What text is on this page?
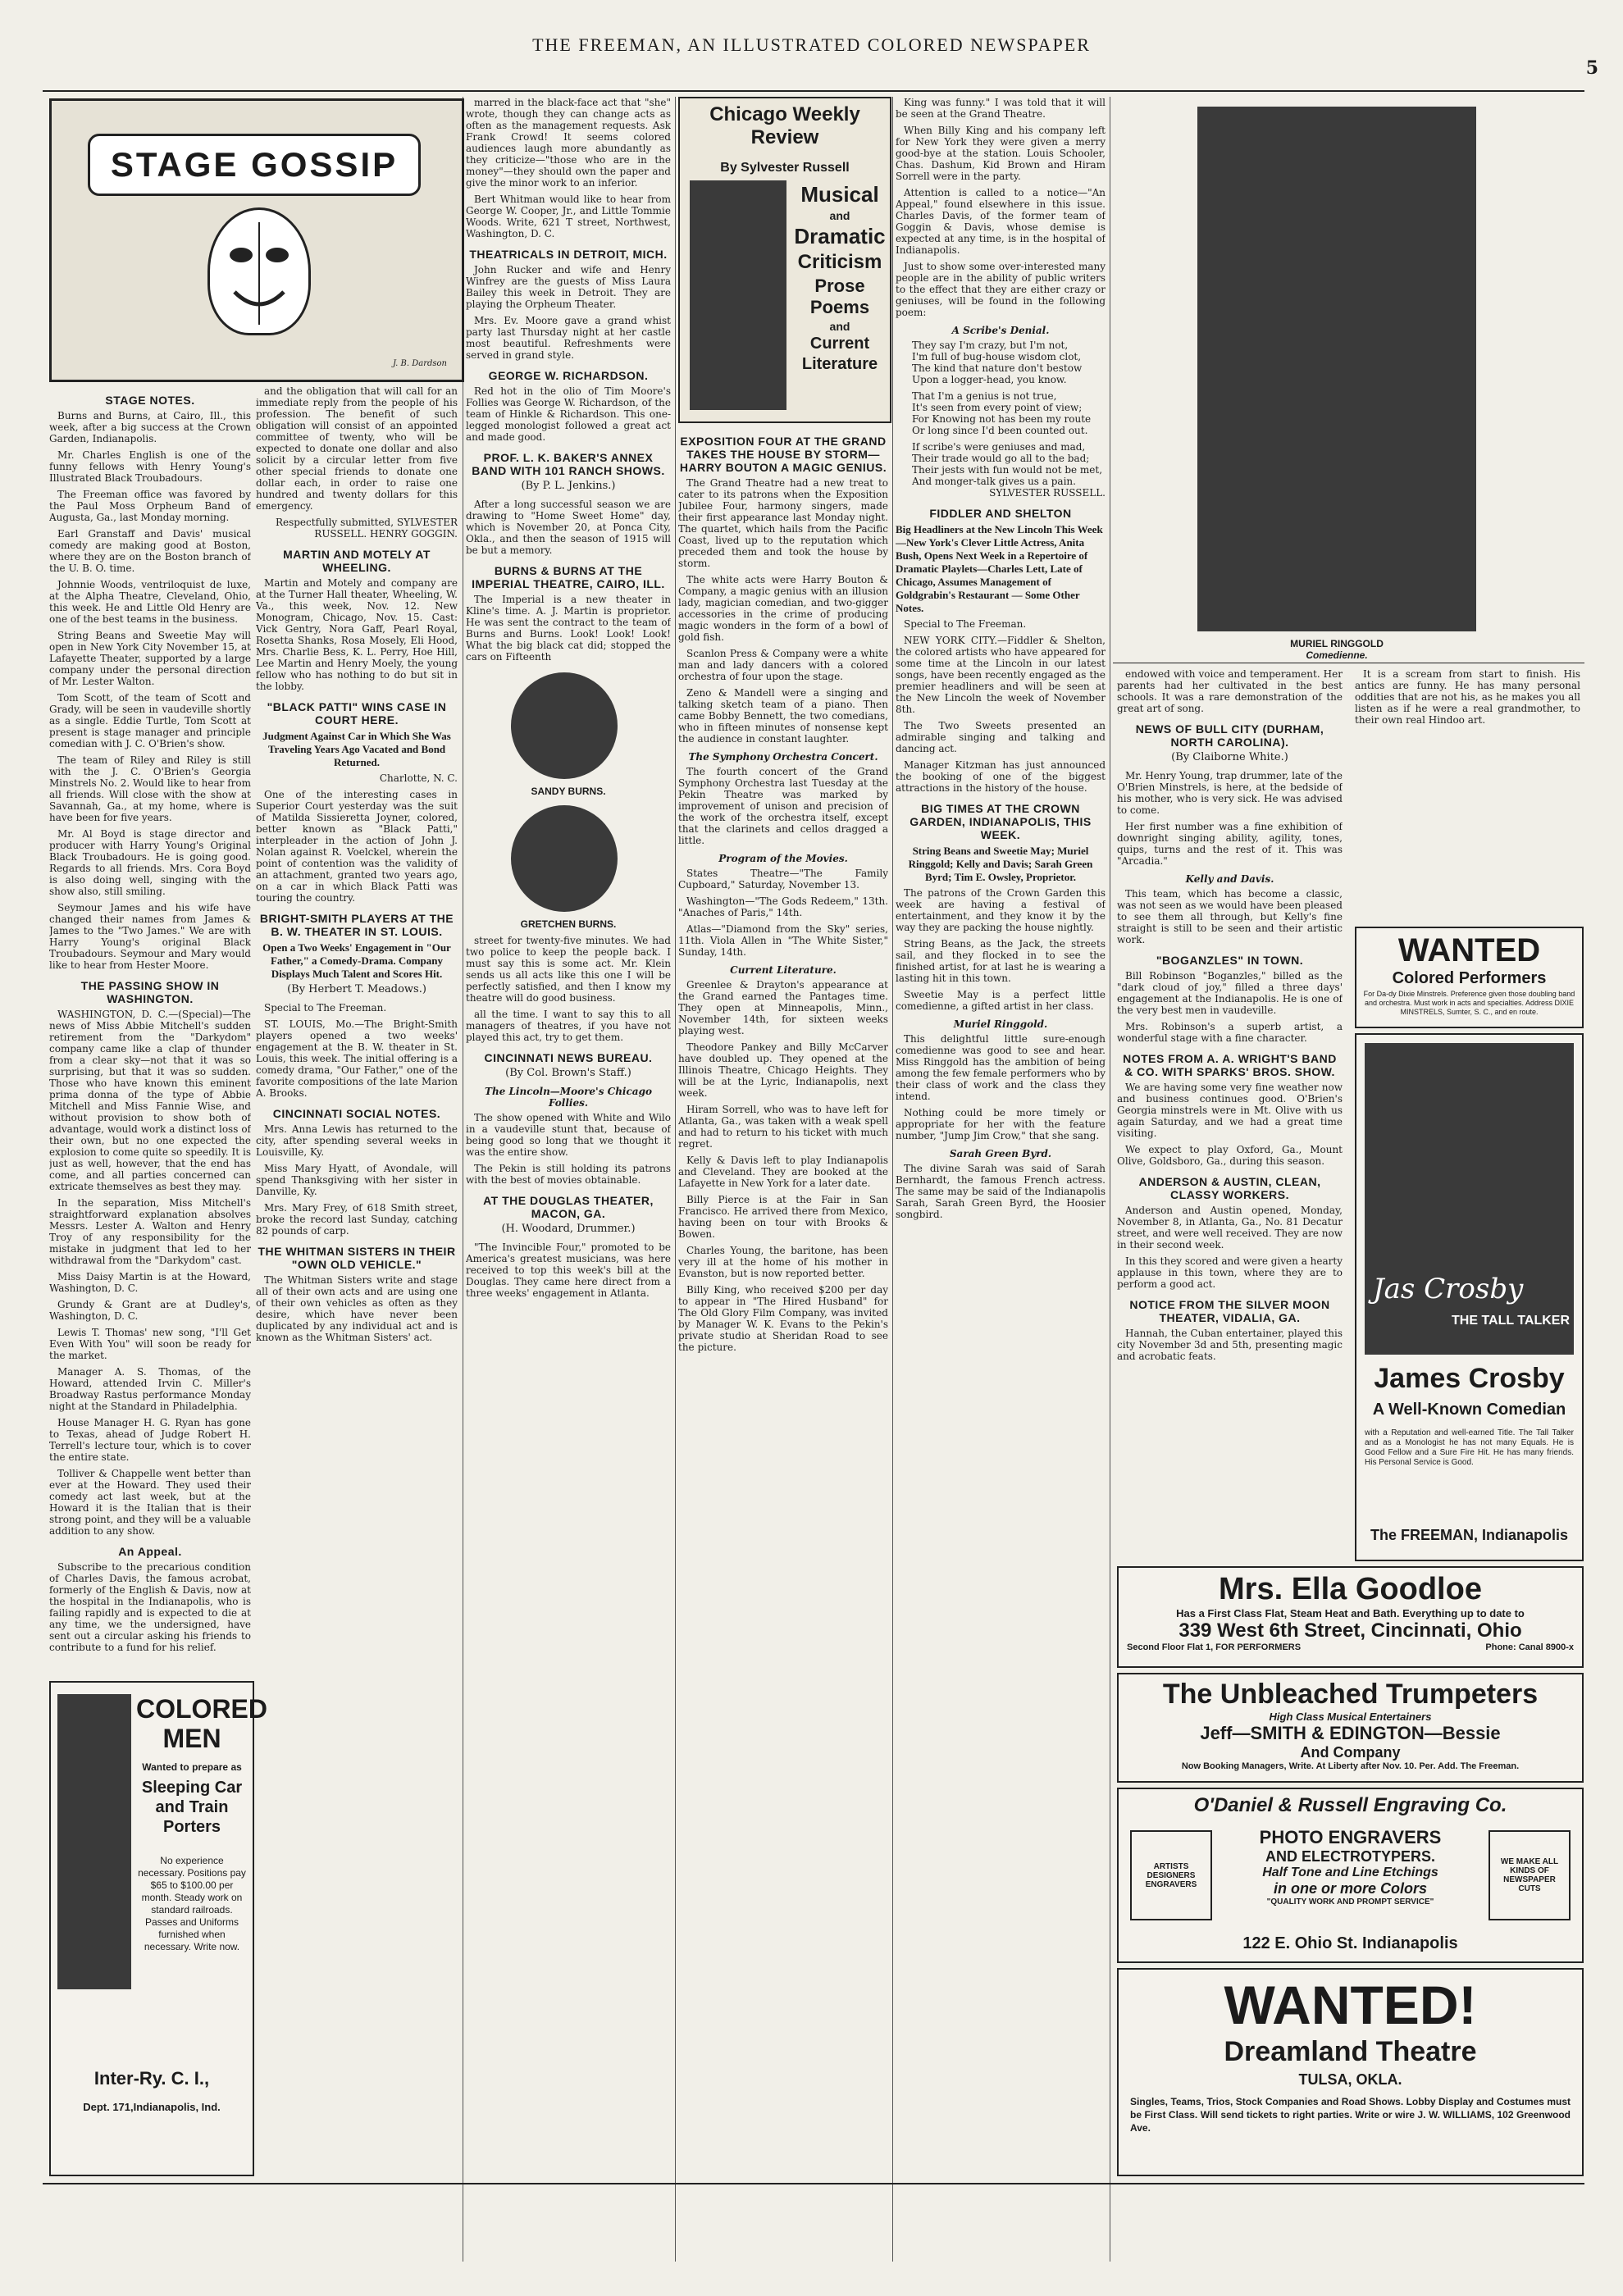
THE FREEMAN, AN ILLUSTRATED COLORED NEWSPAPER
5
STAGE GOSSIP
J. B. Dardson
STAGE NOTES.

Burns and Burns, at Cairo, Ill., this week, after a big success at the Crown Garden, Indianapolis.

Mr. Charles English is one of the funny fellows with Henry Young's Illustrated Black Troubadours.

The Freeman office was favored by the Paul Moss Orpheum Band of Augusta, Ga., last Monday morning.

Earl Granstaff and Davis' musical comedy are making good at Boston, where they are on the Boston branch of the U. B. O. time.

Johnnie Woods, ventriloquist de luxe, at the Alpha Theatre, Cleveland, Ohio, this week. He and Little Old Henry are one of the best teams in the business.

String Beans and Sweetie May will open in New York City November 15, at Lafayette Theater, supported by a large company under the personal direction of Mr. Lester Walton.

Tom Scott, of the team of Scott and Grady, will be seen in vaudeville shortly as a single. Eddie Turtle, Tom Scott at present is stage manager and principle comedian with J. C. O'Brien's show.

The team of Riley and Riley is still with the J. C. O'Brien's Georgia Minstrels No. 2. Would like to hear from all friends. Will close with the show at Savannah, Ga., at my home, where is have been for five years.

Mr. Al Boyd is stage director and producer with Harry Young's Original Black Troubadours. He is going good. Regards to all friends. Mrs. Cora Boyd is also doing well, singing with the show also, still smiling.

Seymour James and his wife have changed their names from James & James to the "Two James." We are with Harry Young's original Black Troubadours. Seymour and Mary would like to hear from Hester Moore.

THE PASSING SHOW IN WASHINGTON.

WASHINGTON, D. C.—(Special)—The news of Miss Abbie Mitchell's sudden retirement from the "Darkydom" company came like a clap of thunder from a clear sky—not that it was so surprising, but that it was so sudden. Those who have known this eminent prima donna of the type of Abbie Mitchell and Miss Fannie Wise, and without provision to show both of advantage, would work a distinct loss of their own, but no one expected the explosion to come quite so speedily. It is just as well, however, that the end has come, and all parties concerned can extricate themselves as best they may.

In the separation, Miss Mitchell's straightforward explanation absolves Messrs. Lester A. Walton and Henry Troy of any responsibility for the mistake in judgment that led to her withdrawal from the "Darkydom" cast.

Miss Daisy Martin is at the Howard, Washington, D. C.

Grundy & Grant are at Dudley's, Washington, D. C.

Lewis T. Thomas' new song, "I'll Get Even With You" will soon be ready for the market.

Manager A. S. Thomas, of the Howard, attended Irvin C. Miller's Broadway Rastus performance Monday night at the Standard in Philadelphia.

House Manager H. G. Ryan has gone to Texas, ahead of Judge Robert H. Terrell's lecture tour, which is to cover the entire state.

Tolliver & Chappelle went better than ever at the Howard. They used their comedy act last week, but at the Howard it is the Italian that is their strong point, and they will be a valuable addition to any show.

An Appeal.

Subscribe to the precarious condition of Charles Davis, the famous acrobat, formerly of the English & Davis, now at the hospital in the Indianapolis, who is failing rapidly and is expected to die at any time, we the undersigned, have sent out a circular asking his friends to contribute to a fund for his relief.

COLORED MEN
Wanted to prepare as
Sleeping Car and Train Porters
No experience necessary. Positions pay $65 to $100.00 per month. Steady work on standard railroads. Passes and Uniforms furnished when necessary. Write now.
Inter-Ry. C. I.,
Dept. 171,Indianapolis, Ind.

and the obligation that will call for an immediate reply from the people of his profession. The benefit of such obligation will consist of an appointed committee of twenty, who will be expected to donate one dollar and also solicit by a circular letter from five other special friends to donate one dollar each, in order to raise one hundred and twenty dollars for this emergency.

Respectfully submitted, SYLVESTER RUSSELL. HENRY GOGGIN.

MARTIN AND MOTELY AT WHEELING.

Martin and Motely and company are at the Turner Hall theater, Wheeling, W. Va., this week, Nov. 12. New Monogram, Chicago, Nov. 15. Cast: Vick Gentry, Nora Gaff, Pearl Royal, Rosetta Shanks, Rosa Mosely, Eli Hood, Mrs. Charlie Bess, K. L. Perry, Hoe Hill, Lee Martin and Henry Moely, the young fellow who has nothing to do but sit in the lobby.

"BLACK PATTI" WINS CASE IN COURT HERE.
Judgment Against Car in Which She Was Traveling Years Ago Vacated and Bond Returned.

Charlotte, N. C.

One of the interesting cases in Superior Court yesterday was the suit of Matilda Sissieretta Joyner, colored, better known as "Black Patti," interpleader in the action of John J. Nolan against R. Voelckel, wherein the point of contention was the validity of an attachment, granted two years ago, on a car in which Black Patti was touring the country.

BRIGHT-SMITH PLAYERS AT THE B. W. THEATER IN ST. LOUIS.
Open a Two Weeks' Engagement in "Our Father," a Comedy-Drama. Company Displays Much Talent and Scores Hit.
(By Herbert T. Meadows.)

Special to The Freeman.

ST. LOUIS, Mo.—The Bright-Smith players opened a two weeks' engagement at the B. W. theater in St. Louis, this week. The initial offering is a comedy drama, "Our Father," one of the favorite compositions of the late Marion A. Brooks.

CINCINNATI SOCIAL NOTES.

Mrs. Anna Lewis has returned to the city, after spending several weeks in Louisville, Ky.

Miss Mary Hyatt, of Avondale, will spend Thanksgiving with her sister in Danville, Ky.

Mrs. Mary Frey, of 618 Smith street, broke the record last Sunday, catching 82 pounds of carp.

THE WHITMAN SISTERS IN THEIR "OWN OLD VEHICLE."

The Whitman Sisters write and stage all of their own acts and are using one of their own vehicles as often as they desire, which have never been duplicated by any individual act and is known as the Whitman Sisters' act.

marred in the black-face act that "she" wrote, though they can change acts as often as the management requests. Ask Frank Crowd! It seems colored audiences laugh more abundantly as they criticize—"those who are in the money"—they should own the paper and give the minor work to an inferior.

Bert Whitman would like to hear from George W. Cooper, Jr., and Little Tommie Woods. Write, 621 T street, Northwest, Washington, D. C.

THEATRICALS IN DETROIT, MICH.

John Rucker and wife and Henry Winfrey are the guests of Miss Laura Bailey this week in Detroit. They are playing the Orpheum Theater.

Mrs. Ev. Moore gave a grand whist party last Thursday night at her castle most beautiful. Refreshments were served in grand style.

GEORGE W. RICHARDSON.

Red hot in the olio of Tim Moore's Follies was George W. Richardson, of the team of Hinkle & Richardson. This one-legged monologist followed a great act and made good.

PROF. L. K. BAKER'S ANNEX BAND WITH 101 RANCH SHOWS.
(By P. L. Jenkins.)

After a long successful season we are drawing to "Home Sweet Home" day, which is November 20, at Ponca City, Okla., and then the season of 1915 will be but a memory.

BURNS & BURNS AT THE IMPERIAL THEATRE, CAIRO, ILL.

The Imperial is a new theater in Kline's time. A. J. Martin is proprietor. He was sent the contract to the team of Burns and Burns. Look! Look! Look! What the big black cat did; stopped the cars on Fifteenth

SANDY BURNS.
GRETCHEN BURNS.

street for twenty-five minutes. We had two police to keep the people back. I must say this is some act. Mr. Klein sends us all acts like this one I will be perfectly satisfied, and then I know my theatre will do good business.

all the time. I want to say this to all managers of theatres, if you have not played this act, try to get them.

CINCINNATI NEWS BUREAU.
(By Col. Brown's Staff.)
The Lincoln—Moore's Chicago Follies.

The show opened with White and Wilo in a vaudeville stunt that, because of being good so long that we thought it was the entire show.

The Pekin is still holding its patrons with the best of movies obtainable.

AT THE DOUGLAS THEATER, MACON, GA.
(H. Woodard, Drummer.)

"The Invincible Four," promoted to be America's greatest musicians, was here received to top this week's bill at the Douglas. They came here direct from a three weeks' engagement in Atlanta.

Chicago Weekly Review
By Sylvester Russell
Musical
and
Dramatic
Criticism
Prose Poems
and
Current
Literature
EXPOSITION FOUR AT THE GRAND TAKES THE HOUSE BY STORM—HARRY BOUTON A MAGIC GENIUS.

The Grand Theatre had a new treat to cater to its patrons when the Exposition Jubilee Four, harmony singers, made their first appearance last Monday night. The quartet, which hails from the Pacific Coast, lived up to the reputation which preceded them and took the house by storm.

The white acts were Harry Bouton & Company, a magic genius with an illusion lady, magician comedian, and two-gigger accessories in the crime of producing magic wonders in the form of a bowl of gold fish.

Scanlon Press & Company were a white man and lady dancers with a colored orchestra of four upon the stage.

Zeno & Mandell were a singing and talking sketch team of a piano. Then came Bobby Bennett, the two comedians, who in fifteen minutes of nonsense kept the audience in constant laughter.

The Symphony Orchestra Concert.

The fourth concert of the Grand Symphony Orchestra last Tuesday at the Pekin Theatre was marked by improvement of unison and precision of the work of the orchestra itself, except that the clarinets and cellos dragged a little.

Program of the Movies.

States Theatre—"The Family Cupboard," Saturday, November 13.

Washington—"The Gods Redeem," 13th. "Anaches of Paris," 14th.

Atlas—"Diamond from the Sky" series, 11th. Viola Allen in "The White Sister," Sunday, 14th.

Current Literature.

Greenlee & Drayton's appearance at the Grand earned the Pantages time. They open at Minneapolis, Minn., November 14th, for sixteen weeks playing west.

Theodore Pankey and Billy McCarver have doubled up. They opened at the Illinois Theatre, Chicago Heights. They will be at the Lyric, Indianapolis, next week.

Hiram Sorrell, who was to have left for Atlanta, Ga., was taken with a weak spell and had to return to his ticket with much regret.

Kelly & Davis left to play Indianapolis and Cleveland. They are booked at the Lafayette in New York for a later date.

Billy Pierce is at the Fair in San Francisco. He arrived there from Mexico, having been on tour with Brooks & Bowen.

Charles Young, the baritone, has been very ill at the home of his mother in Evanston, but is now reported better.

Billy King, who received $200 per day to appear in "The Hired Husband" for The Old Glory Film Company, was invited by Manager W. K. Evans to the Pekin's private studio at Sheridan Road to see the picture.

King was funny." I was told that it will be seen at the Grand Theatre.

When Billy King and his company left for New York they were given a merry good-bye at the station. Louis Schooler, Chas. Dashum, Kid Brown and Hiram Sorrell were in the party.

Attention is called to a notice—"An Appeal," found elsewhere in this issue. Charles Davis, of the former team of Goggin & Davis, whose demise is expected at any time, is in the hospital of Indianapolis.

Just to show some over-interested many people are in the ability of public writers to the effect that they are either crazy or geniuses, will be found in the following poem:

A Scribe's Denial.
They say I'm crazy, but I'm not,
I'm full of bug-house wisdom clot,
The kind that nature don't bestow
Upon a logger-head, you know.
That I'm a genius is not true,
It's seen from every point of view;
For Knowing not has been my route
Or long since I'd been counted out.
If scribe's were geniuses and mad,
Their trade would go all to the bad;
Their jests with fun would not be met,
And monger-talk gives us a pain.

SYLVESTER RUSSELL.

FIDDLER AND SHELTON
Big Headliners at the New Lincoln This Week—New York's Clever Little Actress, Anita Bush, Opens Next Week in a Repertoire of Dramatic Playlets—Charles Lett, Late of Chicago, Assumes Management of Goldgrabin's Restaurant — Some Other Notes.

Special to The Freeman.

NEW YORK CITY.—Fiddler & Shelton, the colored artists who have appeared for some time at the Lincoln in our latest songs, have been recently engaged as the premier headliners and will be seen at the New Lincoln the week of November 8th.

The Two Sweets presented an admirable singing and talking and dancing act.

Manager Kitzman has just announced the booking of one of the biggest attractions in the history of the house.

BIG TIMES AT THE CROWN GARDEN, INDIANAPOLIS, THIS WEEK.
String Beans and Sweetie May; Muriel Ringgold; Kelly and Davis; Sarah Green Byrd; Tim E. Owsley, Proprietor.

The patrons of the Crown Garden this week are having a festival of entertainment, and they know it by the way they are packing the house nightly.

String Beans, as the Jack, the streets sail, and they flocked in to see the finished artist, for at last he is wearing a lasting hit in this town.

Sweetie May is a perfect little comedienne, a gifted artist in her class.

Muriel Ringgold.

This delightful little sure-enough comedienne was good to see and hear. Miss Ringgold has the ambition of being among the few female performers who by their class of work and the class they intend.

Nothing could be more timely or appropriate for her with the feature number, "Jump Jim Crow," that she sang.

Sarah Green Byrd.

The divine Sarah was said of Sarah Bernhardt, the famous French actress. The same may be said of the Indianapolis Sarah, Sarah Green Byrd, the Hoosier songbird.

MURIEL RINGGOLD
Comedienne.

endowed with voice and temperament. Her parents had her cultivated in the best schools. It was a rare demonstration of the great art of song.

NEWS OF BULL CITY (DURHAM, NORTH CAROLINA).
(By Claiborne White.)

Mr. Henry Young, trap drummer, late of the O'Brien Minstrels, is here, at the bedside of his mother, who is very sick. He was advised to come.

Her first number was a fine exhibition of downright singing ability, agility, tones, quips, turns and the rest of it. This was "Arcadia."

Kelly and Davis.

This team, which has become a classic, was not seen as we would have been pleased to see them all through, but Kelly's fine straight is still to be seen and their artistic work.

"BOGANZLES" IN TOWN.

Bill Robinson "Boganzles," billed as the "dark cloud of joy," filled a three days' engagement at the Indianapolis. He is one of the very best men in vaudeville.

Mrs. Robinson's a superb artist, a wonderful stage with a fine character.

NOTES FROM A. A. WRIGHT'S BAND & CO. WITH SPARKS' BROS. SHOW.

We are having some very fine weather now and business continues good. O'Brien's Georgia minstrels were in Mt. Olive with us again Saturday, and we had a great time visiting.

We expect to play Oxford, Ga., Mount Olive, Goldsboro, Ga., during this season.

ANDERSON & AUSTIN, CLEAN, CLASSY WORKERS.

Anderson and Austin opened, Monday, November 8, in Atlanta, Ga., No. 81 Decatur street, and were well received. They are now in their second week.

In this they scored and were given a hearty applause in this town, where they are to perform a good act.

NOTICE FROM THE SILVER MOON THEATER, VIDALIA, GA.

Hannah, the Cuban entertainer, played this city November 3d and 5th, presenting magic and acrobatic feats.

It is a scream from start to finish. His antics are funny. He has many personal oddities that are not his, as he makes you all listen as if he were a real grandmother, to their own real Hindoo art.

WANTED
Colored Performers
For Da-dy Dixie Minstrels. Preference given those doubling band and orchestra. Must work in acts and specialties. Address DIXIE MINSTRELS, Sumter, S. C., and en route.
Jas Crosby
THE TALL TALKER
James Crosby
A Well-Known Comedian
with a Reputation and well-earned Title. The Tall Talker and as a Monologist he has not many Equals. He is Good Fellow and a Sure Fire Hit. He has many friends. His Personal Service is Good.
The FREEMAN, Indianapolis
Mrs. Ella Goodloe
Has a First Class Flat, Steam Heat and Bath. Everything up to date to
339 West 6th Street, Cincinnati, Ohio
Second Floor Flat 1, FOR PERFORMERS	Phone: Canal 8900-x
The Unbleached Trumpeters
High Class Musical Entertainers
Jeff—SMITH & EDINGTON—Bessie
And Company
Now Booking Managers, Write. At Liberty after Nov. 10. Per. Add. The Freeman.
O'Daniel & Russell Engraving Co.
ARTISTS DESIGNERS ENGRAVERS
WE MAKE ALL KINDS OF NEWSPAPER CUTS
PHOTO ENGRAVERS
AND ELECTROTYPERS.
Half Tone and Line Etchings
in one or more Colors
"QUALITY WORK AND PROMPT SERVICE"
122 E. Ohio St. Indianapolis
WANTED!
Dreamland Theatre
TULSA, OKLA.
Singles, Teams, Trios, Stock Companies and Road Shows. Lobby Display and Costumes must be First Class. Will send tickets to right parties. Write or wire J. W. WILLIAMS, 102 Greenwood Ave.
